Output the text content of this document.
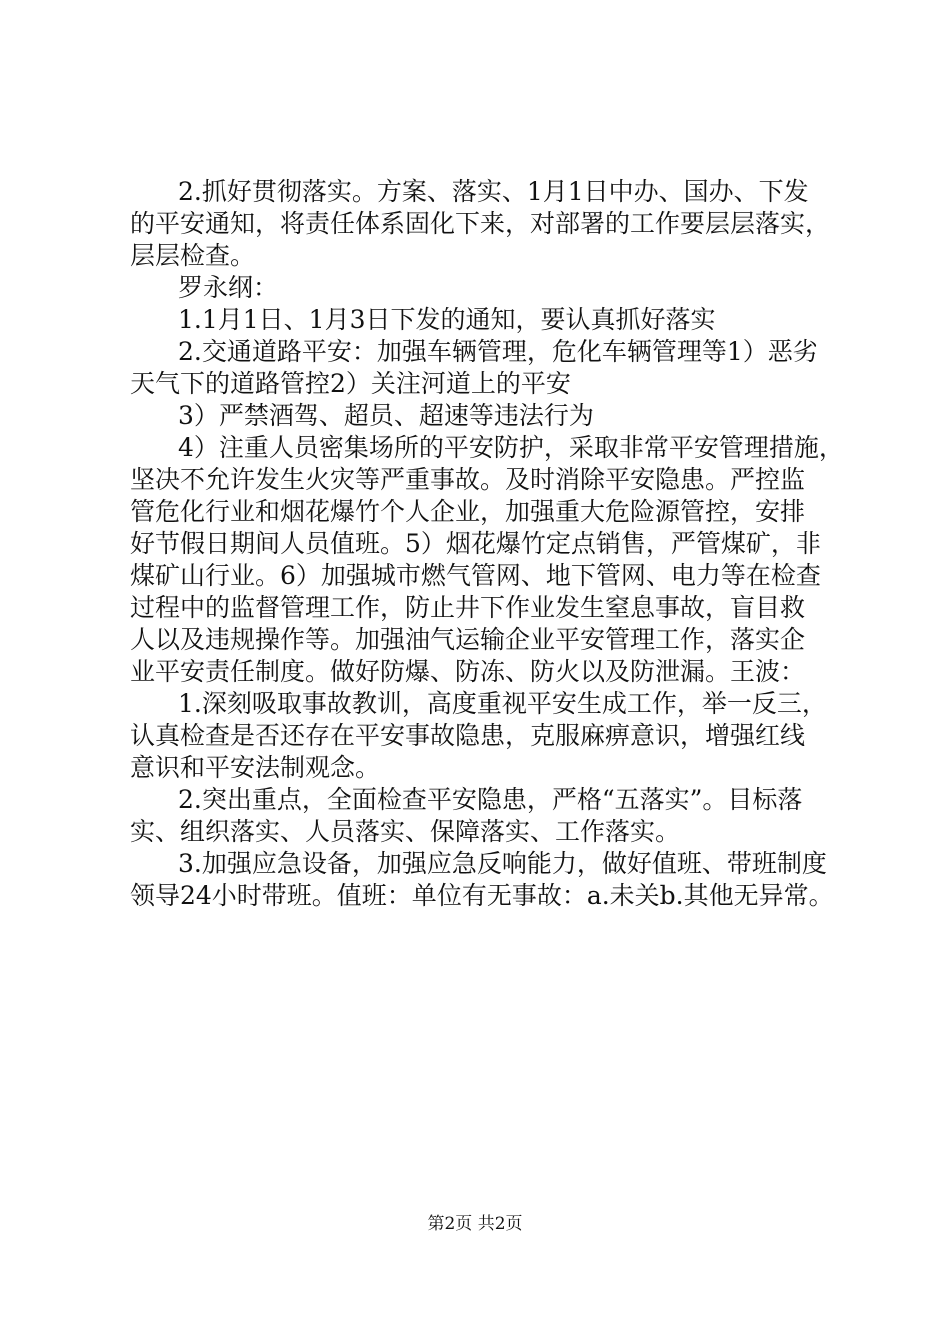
2.抓好贯彻落实。方案、落实、1月1日中办、国办、下发
的平安通知，将责任体系固化下来，对部署的工作要层层落实，
层层检查。
罗永纲：
1.1月1日、1月3日下发的通知，要认真抓好落实
2.交通道路平安：加强车辆管理，危化车辆管理等1）恶劣
天气下的道路管控2）关注河道上的平安
3）严禁酒驾、超员、超速等违法行为
4）注重人员密集场所的平安防护，采取非常平安管理措施，
坚决不允许发生火灾等严重事故。及时消除平安隐患。严控监
管危化行业和烟花爆竹个人企业，加强重大危险源管控，安排
好节假日期间人员值班。5）烟花爆竹定点销售，严管煤矿，非
煤矿山行业。6）加强城市燃气管网、地下管网、电力等在检查
过程中的监督管理工作，防止井下作业发生窒息事故，盲目救
人以及违规操作等。加强油气运输企业平安管理工作，落实企
业平安责任制度。做好防爆、防冻、防火以及防泄漏。王波：
1.深刻吸取事故教训，高度重视平安生成工作，举一反三，
认真检查是否还存在平安事故隐患，克服麻痹意识，增强红线
意识和平安法制观念。
2.突出重点，全面检查平安隐患，严格“五落实”。目标落
实、组织落实、人员落实、保障落实、工作落实。
3.加强应急设备，加强应急反响能力，做好值班、带班制度
领导24小时带班。值班：单位有无事故：a.未关b.其他无异常。
第2页 共2页
